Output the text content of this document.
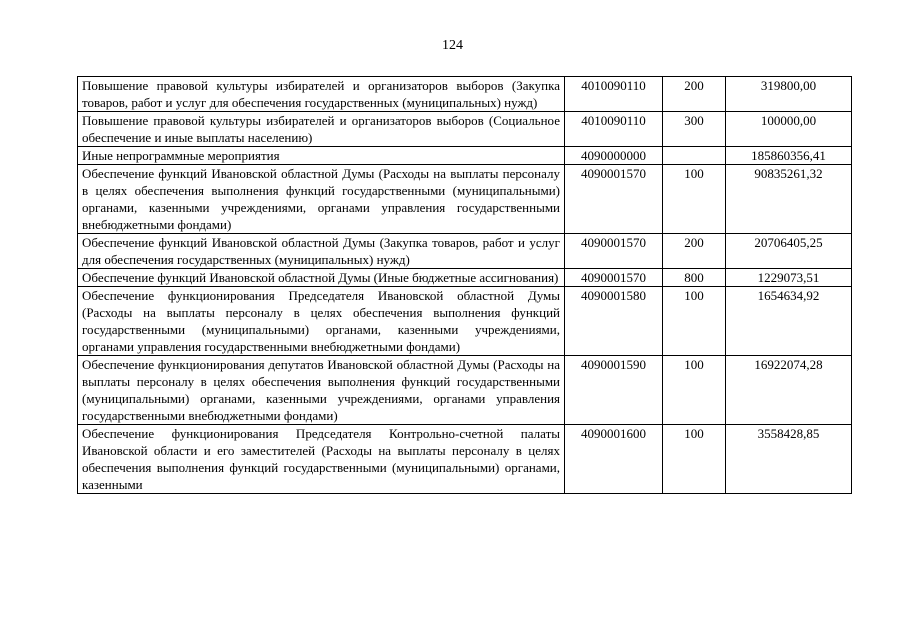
124
Повышение правовой культуры избирателей и организаторов выборов (Закупка товаров, работ и услуг для обеспечения государственных (муниципальных) нужд)	4010090110	200	319800,00
Повышение правовой культуры избирателей и организаторов выборов (Социальное обеспечение и иные выплаты населению)	4010090110	300	100000,00
Иные непрограммные мероприятия	4090000000		185860356,41
Обеспечение функций Ивановской областной Думы (Расходы на выплаты персоналу в целях обеспечения выполнения функций государственными (муниципальными) органами, казенными учреждениями, органами управления государственными внебюджетными фондами)	4090001570	100	90835261,32
Обеспечение функций Ивановской областной Думы (Закупка товаров, работ и услуг для обеспечения государственных (муниципальных) нужд)	4090001570	200	20706405,25
Обеспечение функций Ивановской областной Думы (Иные бюджетные ассигнования)	4090001570	800	1229073,51
Обеспечение функционирования Председателя Ивановской областной Думы (Расходы на выплаты персоналу в целях обеспечения выполнения функций государственными (муниципальными) органами, казенными учреждениями, органами управления государственными внебюджетными фондами)	4090001580	100	1654634,92
Обеспечение функционирования депутатов Ивановской областной Думы (Расходы на выплаты персоналу в целях обеспечения выполнения функций государственными (муниципальными) органами, казенными учреждениями, органами управления государственными внебюджетными фондами)	4090001590	100	16922074,28
Обеспечение функционирования Председателя Контрольно-счетной палаты Ивановской области и его заместителей (Расходы на выплаты персоналу в целях обеспечения выполнения функций государственными (муниципальными) органами, казенными	4090001600	100	3558428,85
